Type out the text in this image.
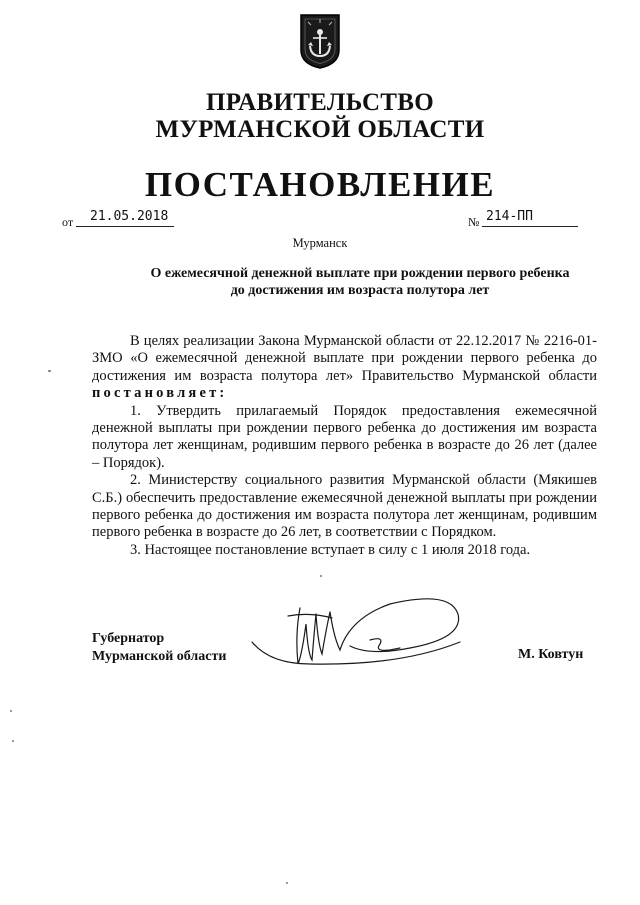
ПРАВИТЕЛЬСТВО
МУРМАНСКОЙ ОБЛАСТИ
ПОСТАНОВЛЕНИЕ
от 21.05.2018	№ 214-ПП
Мурманск
О ежемесячной денежной выплате при рождении первого ребенка
до достижения им возраста полутора лет

В целях реализации Закона Мурманской области от 22.12.2017 № 2216-01-ЗМО «О ежемесячной денежной выплате при рождении первого ребенка до достижения им возраста полутора лет» Правительство Мурманской области постановляет:

1. Утвердить прилагаемый Порядок предоставления ежемесячной денежной выплаты при рождении первого ребенка до достижения им возраста полутора лет женщинам, родившим первого ребенка в возрасте до 26 лет (далее – Порядок).

2. Министерству социального развития Мурманской области (Мякишев С.Б.) обеспечить предоставление ежемесячной денежной выплаты при рождении первого ребенка до достижения им возраста полутора лет женщинам, родившим первого ребенка в возрасте до 26 лет, в соответствии с Порядком.

3. Настоящее постановление вступает в силу с 1 июля 2018 года.

Губернатор
Мурманской области	М. Ковтун
